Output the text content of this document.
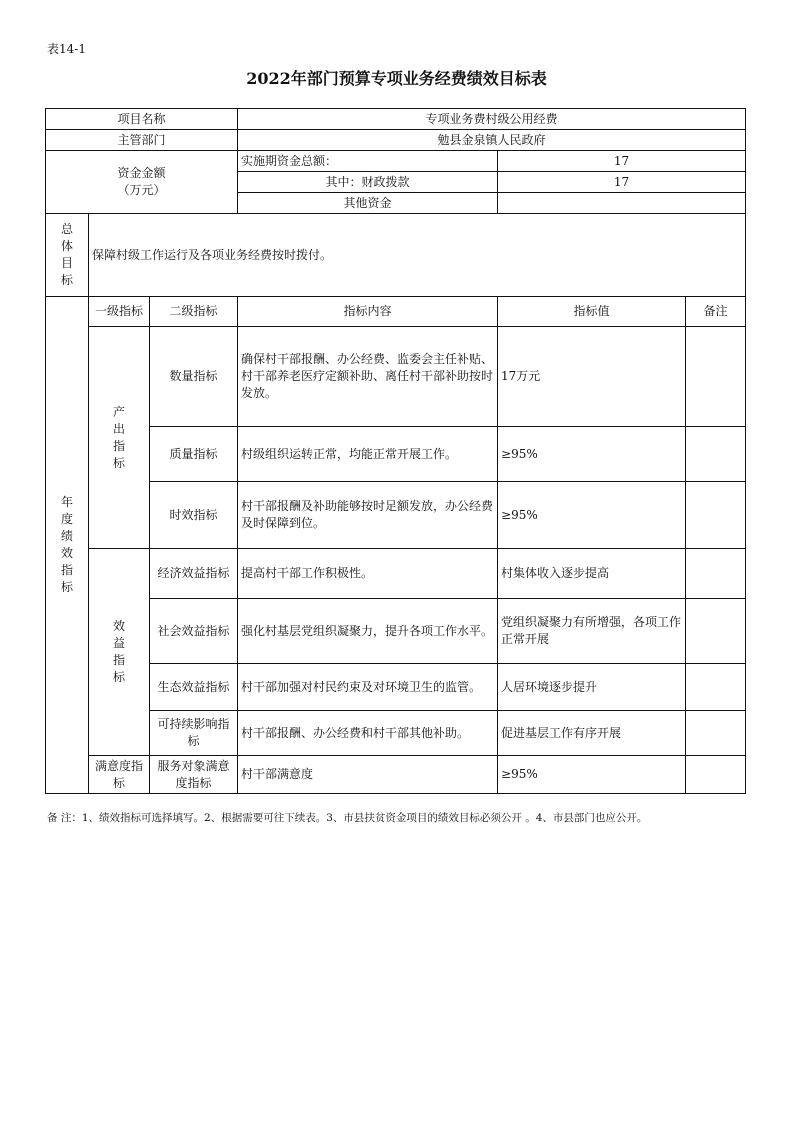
表14-1
2022年部门预算专项业务经费绩效目标表
项目名称			专项业务费村级公用经费		
主管部门			勉县金泉镇人民政府		

资金金额
（万元）			实施期资金总额：	17	
			其中：财政拨款	17	
			其他资金		

总体目标	保障村级工作运行及各项业务经费按时拨付。				

年度绩效指标	一级指标	二级指标	指标内容	指标值	备注

	产出指标	数量指标	确保村干部报酬、办公经费、监委会主任补贴、村干部养老医疗定额补助、离任村干部补助按时发放。	17万元	
		质量指标	村级组织运转正常，均能正常开展工作。	≥95%	
		时效指标	村干部报酬及补助能够按时足额发放，办公经费及时保障到位。	≥95%	

	效益指标	经济效益指标	提高村干部工作积极性。	村集体收入逐步提高	
		社会效益指标	强化村基层党组织凝聚力，提升各项工作水平。	党组织凝聚力有所增强，各项工作正常开展	
		生态效益指标	村干部加强对村民约束及对环境卫生的监管。	人居环境逐步提升	
		可持续影响指标	村干部报酬、办公经费和村干部其他补助。	促进基层工作有序开展	
	满意度指标	服务对象满意度指标	村干部满意度	≥95%	
备 注：1、绩效指标可选择填写。2、根据需要可往下续表。3、市县扶贫资金项目的绩效目标必须公开 。4、市县部门也应公开。
